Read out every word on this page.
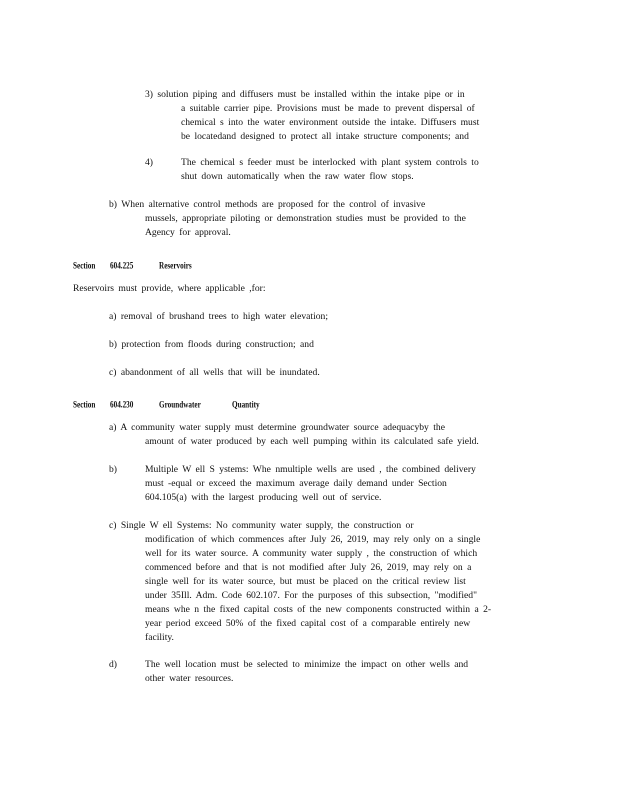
3) solution piping and diffusers must be installed within the intake pipe or in

a suitable carrier pipe. Provisions must be made to prevent dispersal of

chemical s into the water environment outside the intake. Diffusers must

be locatedand designed to protect all intake structure components; and

4)	The chemical s feeder must be interlocked with plant system controls to

shut down automatically when the raw water flow stops.

b) When alternative control methods are proposed for the control of invasive

mussels, appropriate piloting or demonstration studies must be provided to the

Agency for approval.

Section 604.225	Reservoirs

Reservoirs must provide, where applicable ,for:

a) removal of brushand trees to high water elevation;

b) protection from floods during construction; and

c) abandonment of all wells that will be inundated.

Section 604.230	Groundwater	Quantity

a) A community water supply must determine groundwater source adequacyby the

amount of water produced by each well pumping within its calculated safe yield.

b)	Multiple W ell S ystems: Whe nmultiple wells are used , the combined delivery

must -equal or exceed the maximum average daily demand under Section

604.105(a) with the largest producing well out of service.

c) Single W ell Systems: No community water supply, the construction or

modification of which commences after July 26, 2019, may rely only on a single

well for its water source. A community water supply , the construction of which

commenced before and that is not modified after July 26, 2019, may rely on a

single well for its water source, but must be placed on the critical review list

under 35Ill. Adm. Code 602.107. For the purposes of this subsection, "modified"

means whe n the fixed capital costs of the new components constructed within a 2-

year period exceed 50% of the fixed capital cost of a comparable entirely new

facility.

d)	The well location must be selected to minimize the impact on other wells and

other water resources.
